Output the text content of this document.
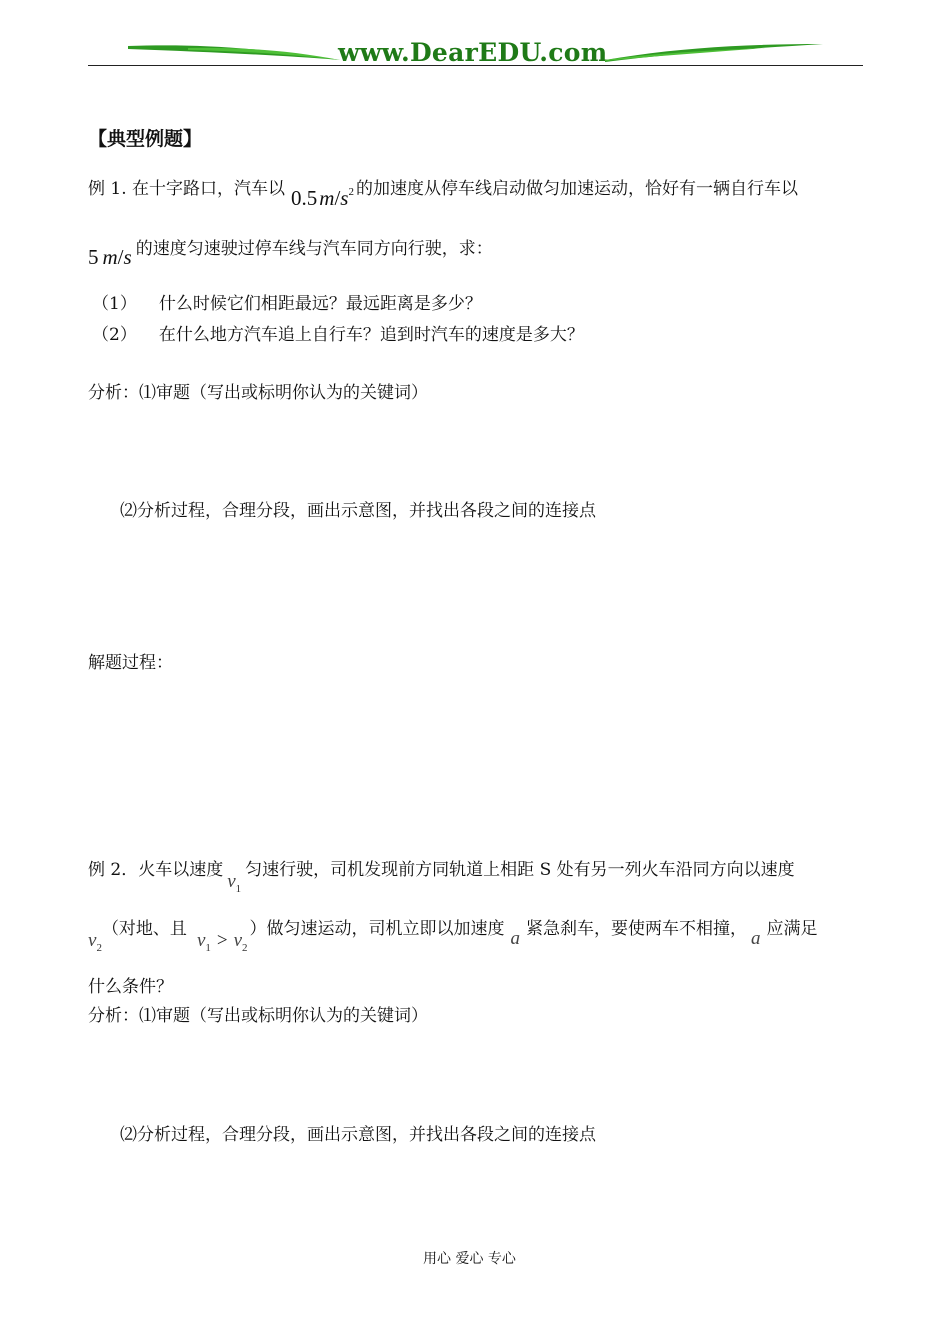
www.DearEDU.com
【典型例题】
例 1. 在十字路口，汽车以 $0.5m/s^2$ 的加速度从停车线启动做匀加速运动，恰好有一辆自行车以
5 m/s 的速度匀速驶过停车线与汽车同方向行驶，求：
（1） 什么时候它们相距最远？最远距离是多少？
（2） 在什么地方汽车追上自行车？追到时汽车的速度是多大？
分析：⑴审题（写出或标明你认为的关键词）
⑵分析过程，合理分段，画出示意图，并找出各段之间的连接点
解题过程：
例 2．火车以速度$v_1$匀速行驶，司机发现前方同轨道上相距 S 处有另一列火车沿同方向以速度
$v_2$（对地、且$v_1 > v_2$）做匀速运动，司机立即以加速度 a 紧急刹车，要使两车不相撞， a 应满足
什么条件？
分析：⑴审题（写出或标明你认为的关键词）
⑵分析过程，合理分段，画出示意图，并找出各段之间的连接点
用心 爱心 专心
